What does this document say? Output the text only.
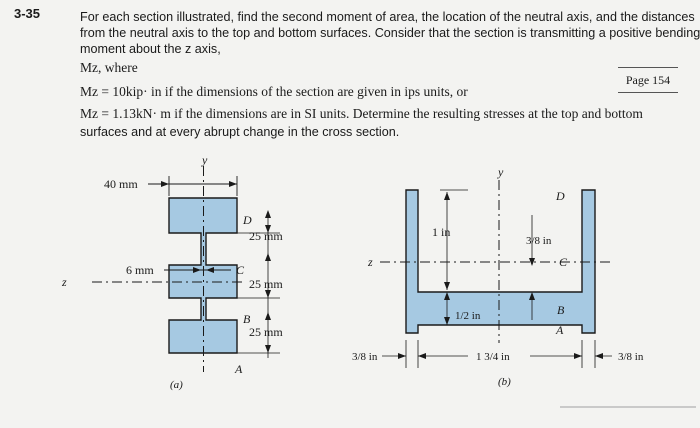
3-35	For each section illustrated, find the second moment of area, the location of the neutral axis, and the distances
from the neutral axis to the top and bottom surfaces. Consider that the section is transmitting a positive bending
moment about the z axis,
Mz, where
Mz = 10kip· in if the dimensions of the section are given in ips units, or
Mz = 1.13kN· m if the dimensions are in SI units. Determine the resulting stresses at the top and bottom
surfaces and at every abrupt change in the cross section.
Page 154
40 mm
6 mm
25 mm
25 mm
25 mm
D
C
B
A
y
z
(a)
1 in
3/8 in
1/2 in
3/8 in	1 3/4 in	3/8 in
D
C
B
A
y
z
(b)
